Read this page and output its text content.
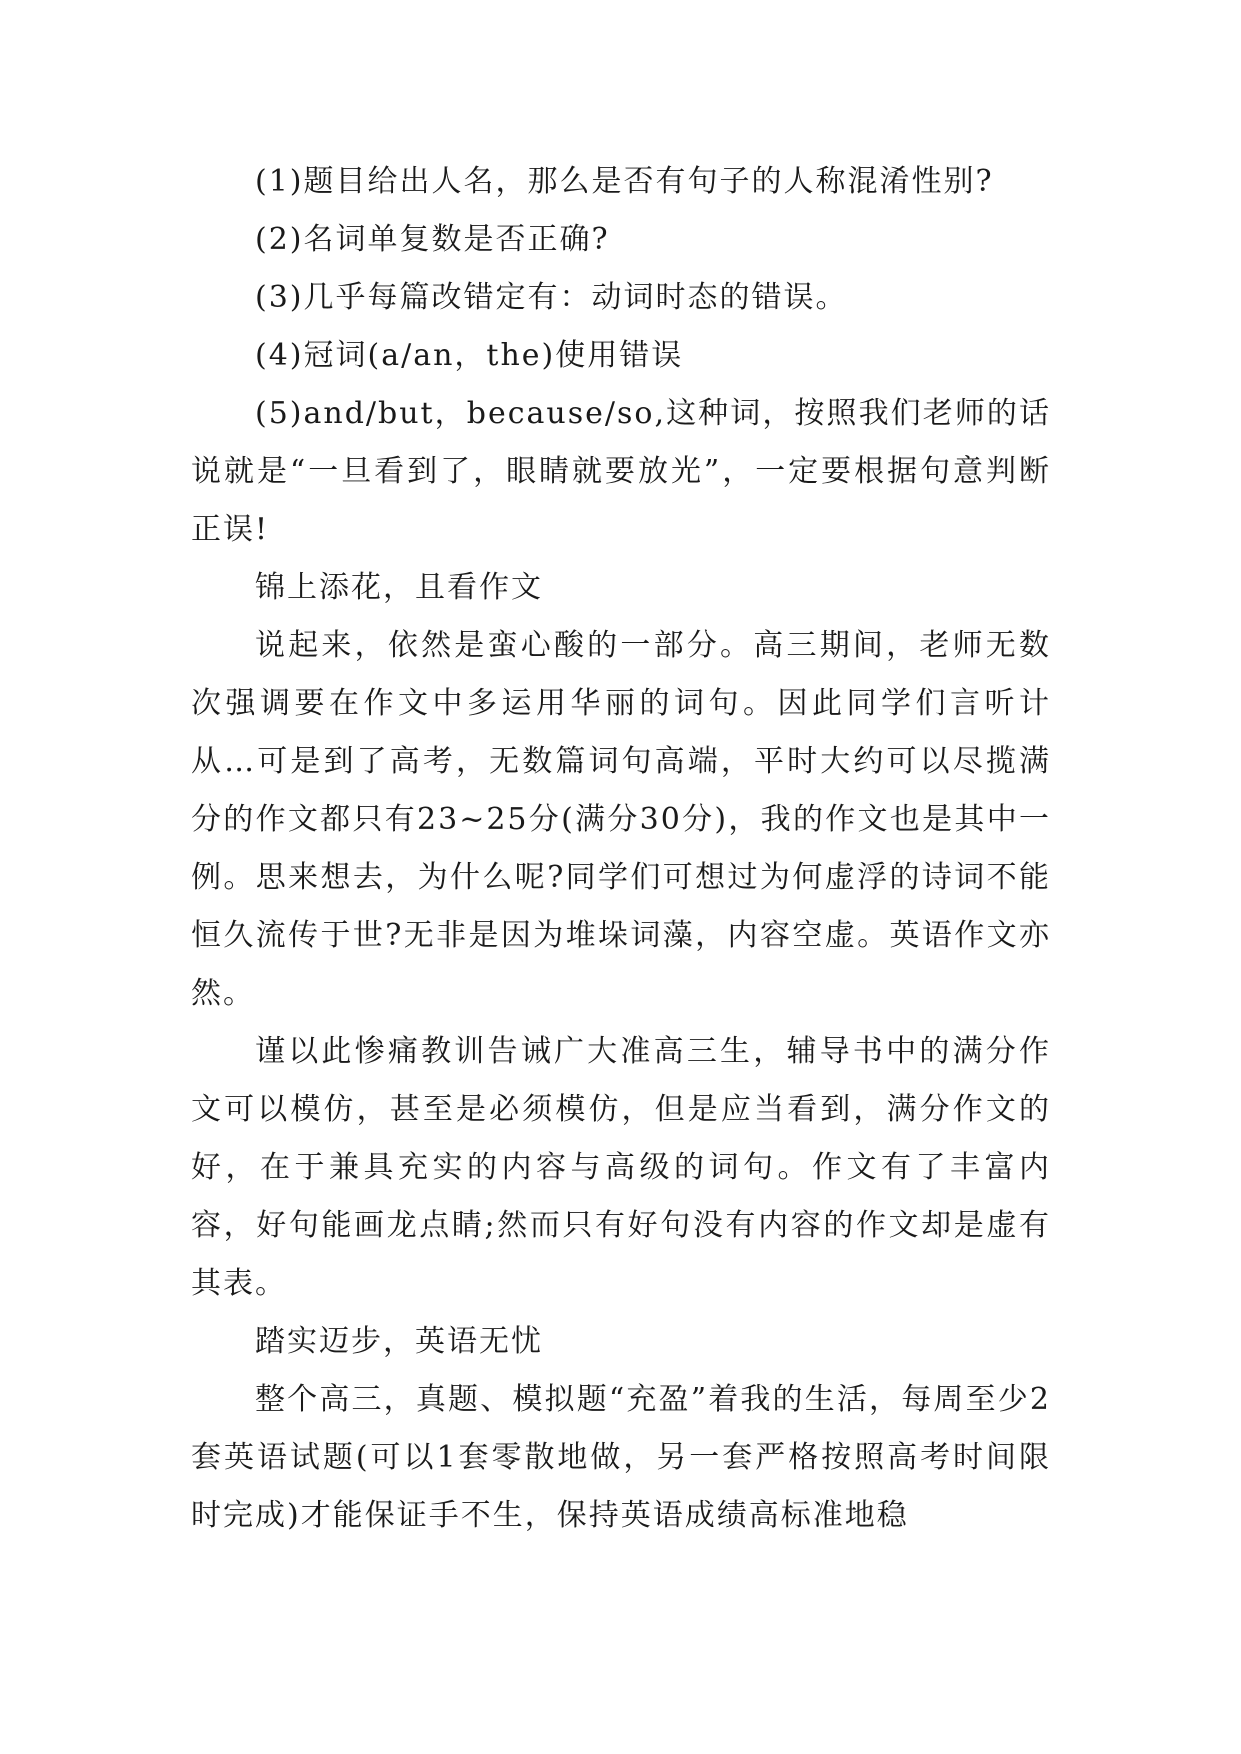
(1)题目给出人名，那么是否有句子的人称混淆性别?

(2)名词单复数是否正确?

(3)几乎每篇改错定有：动词时态的错误。

(4)冠词(a/an，the)使用错误

(5)and/but，because/so,这种词，按照我们老师的话说就是“一旦看到了，眼睛就要放光”，一定要根据句意判断正误!

锦上添花，且看作文

说起来，依然是蛮心酸的一部分。高三期间，老师无数次强调要在作文中多运用华丽的词句。因此同学们言听计从…可是到了高考，无数篇词句高端，平时大约可以尽揽满分的作文都只有23~25分(满分30分)，我的作文也是其中一例。思来想去，为什么呢?同学们可想过为何虚浮的诗词不能恒久流传于世?无非是因为堆垛词藻，内容空虚。英语作文亦然。

谨以此惨痛教训告诫广大准高三生，辅导书中的满分作文可以模仿，甚至是必须模仿，但是应当看到，满分作文的好，在于兼具充实的内容与高级的词句。作文有了丰富内容，好句能画龙点睛;然而只有好句没有内容的作文却是虚有其表。

踏实迈步，英语无忧

整个高三，真题、模拟题“充盈”着我的生活，每周至少2套英语试题(可以1套零散地做，另一套严格按照高考时间限时完成)才能保证手不生，保持英语成绩高标准地稳
